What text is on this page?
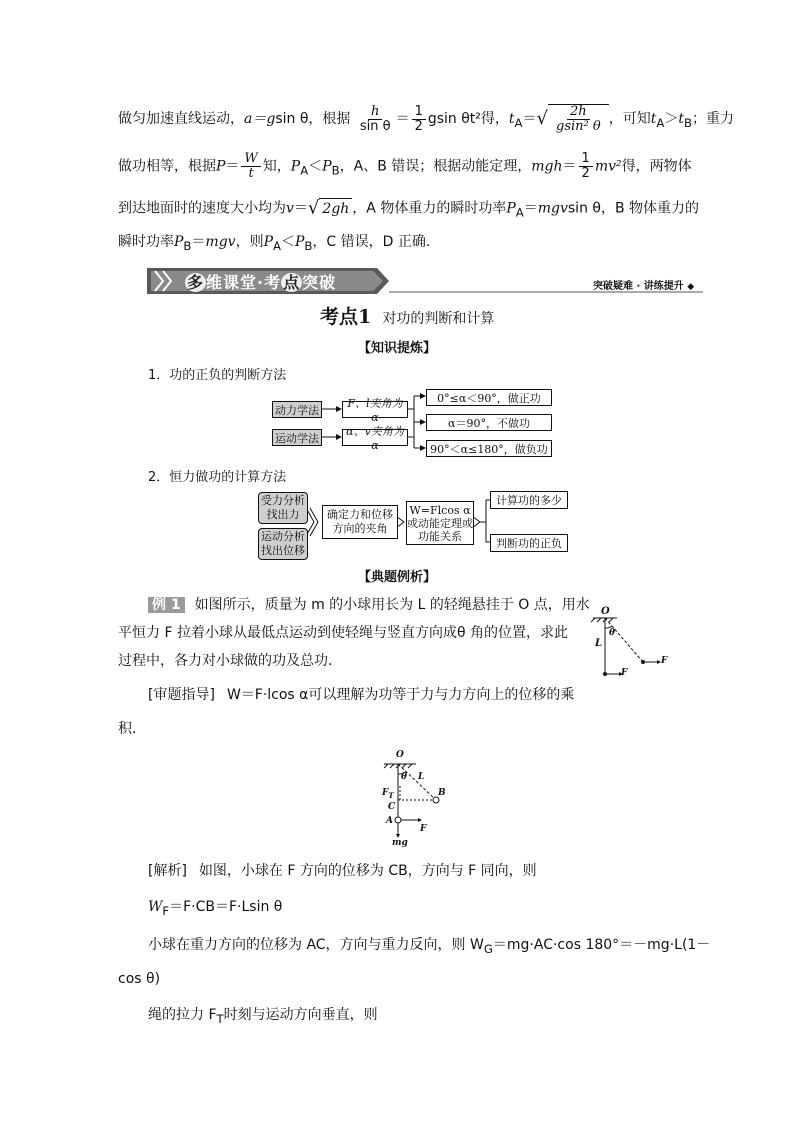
做匀加速直线运动，a＝gsin θ，根据 $\frac{h}{\text{sin θ}} = \frac{1}{2}$ gsin θt²得，$t_A=√ \frac{2h}{\text{gsin² θ}}$ ，可知$t_A>t_B$；重力
做功相等，根据$P= \frac{W}{t}$ 知，$P_A<P_B$，A、B 错误；根据动能定理，$mgh= \frac{1}{2} mv^2$得，两物体
到达地面时的速度大小均为v＝√ 2gh ，A 物体重力的瞬时功率$P_A=mgvsin$ θ，B 物体重力的
瞬时功率$P_B=mgv$，则$P_A<P_B$，C 错误，D 正确．
多 维课堂·考 点 突破	突破疑难 · 讲练提升 ◆
考点1 对功的判断和计算
【知识提炼】
1．功的正负的判断方法
动力学法
运动学法
F、l夹角为 α
α、v夹角为 α
0°≤α＜90°，做正功
α＝90°，不做功
90°＜α≤180°，做负功
2．恒力做功的计算方法
受力分析找出力
运动分析找出位移
确定力和位移方向的夹角
W=Flcos α或动能定理或功能关系
计算功的多少
判断功的正负
【典题例析】
例 1 如图所示，质量为 m 的小球用长为 L 的轻绳悬挂于 O 点，用水
平恒力 F 拉着小球从最低点运动到使轻绳与竖直方向成θ 角的位置，求此
过程中，各力对小球做的功及总功．
O
L
θ
F
F
[审题指导] W＝F·lcos α可以理解为功等于力与力方向上的位移的乘
积．
O
θ L
$F_T$
C
B
A
F
mg
[解析] 如图，小球在 F 方向的位移为 CB，方向与 F 同向，则
$W_F=F\cdot CB=F\cdot Lsin$ θ
小球在重力方向的位移为 AC，方向与重力反向，则 $W_G=mg\cdot AC\cdot\cos$ 180°＝－mg·L(1－
cos θ)
绳的拉力 $F_T$时刻与运动方向垂直，则
